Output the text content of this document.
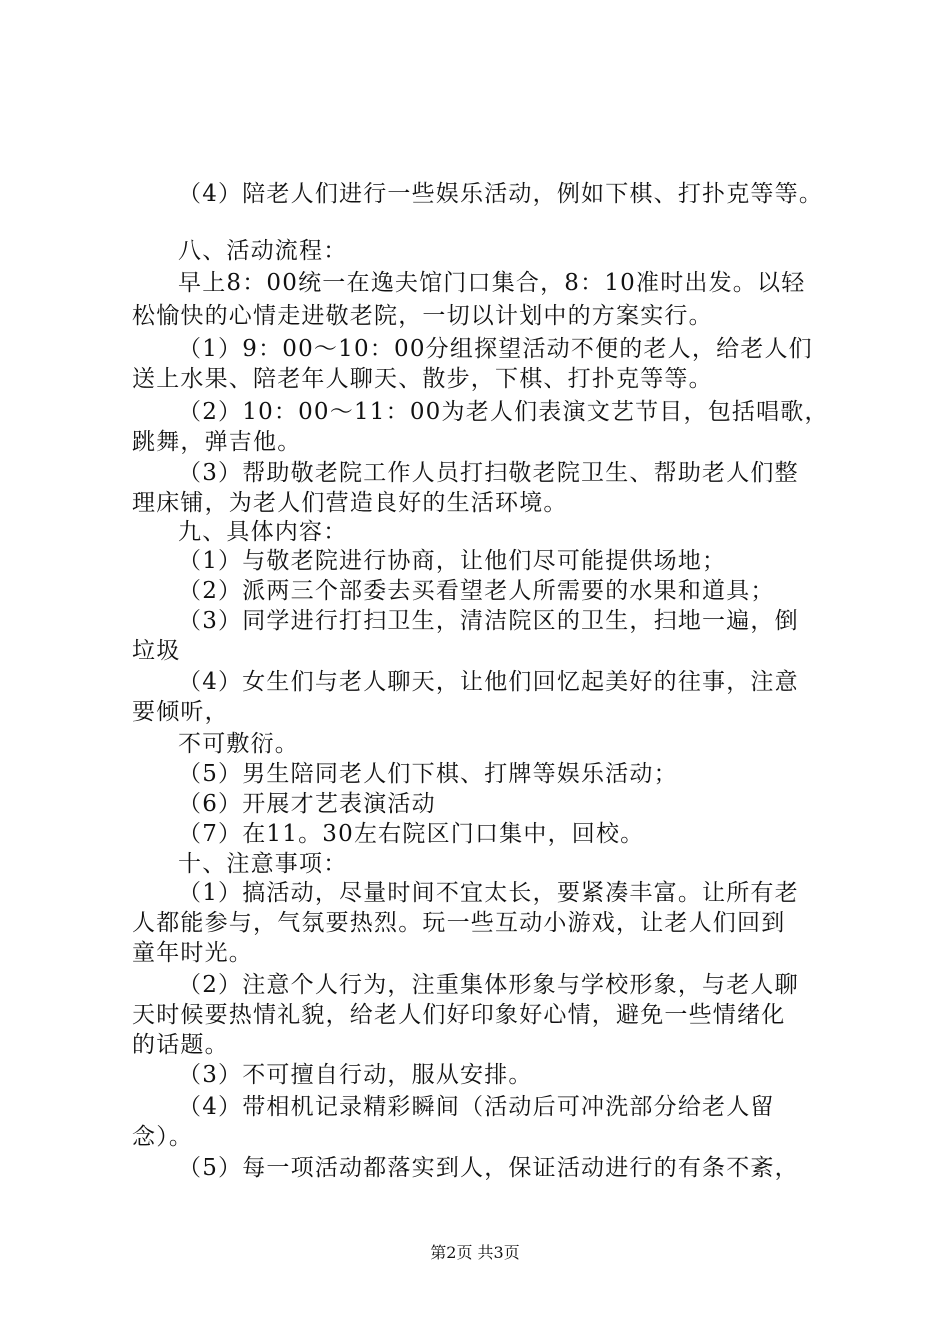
（4）陪老人们进行一些娱乐活动，例如下棋、打扑克等等。
八、活动流程：
早上8：00统一在逸夫馆门口集合，8：10准时出发。以轻
松愉快的心情走进敬老院，一切以计划中的方案实行。
（1）9：00～10：00分组探望活动不便的老人，给老人们
送上水果、陪老年人聊天、散步，下棋、打扑克等等。
（2）10：00～11：00为老人们表演文艺节目，包括唱歌，
跳舞，弹吉他。
（3）帮助敬老院工作人员打扫敬老院卫生、帮助老人们整
理床铺，为老人们营造良好的生活环境。
九、具体内容：
（1）与敬老院进行协商，让他们尽可能提供场地；
（2）派两三个部委去买看望老人所需要的水果和道具；
（3）同学进行打扫卫生，清洁院区的卫生，扫地一遍，倒
垃圾
（4）女生们与老人聊天，让他们回忆起美好的往事，注意
要倾听，
不可敷衍。
（5）男生陪同老人们下棋、打牌等娱乐活动；
（6）开展才艺表演活动
（7）在11。30左右院区门口集中，回校。
十、注意事项：
（1）搞活动，尽量时间不宜太长，要紧凑丰富。让所有老
人都能参与，气氛要热烈。玩一些互动小游戏，让老人们回到
童年时光。
（2）注意个人行为，注重集体形象与学校形象，与老人聊
天时候要热情礼貌，给老人们好印象好心情，避免一些情绪化
的话题。
（3）不可擅自行动，服从安排。
（4）带相机记录精彩瞬间（活动后可冲洗部分给老人留
念）。
（5）每一项活动都落实到人，保证活动进行的有条不紊，
第2页 共3页
